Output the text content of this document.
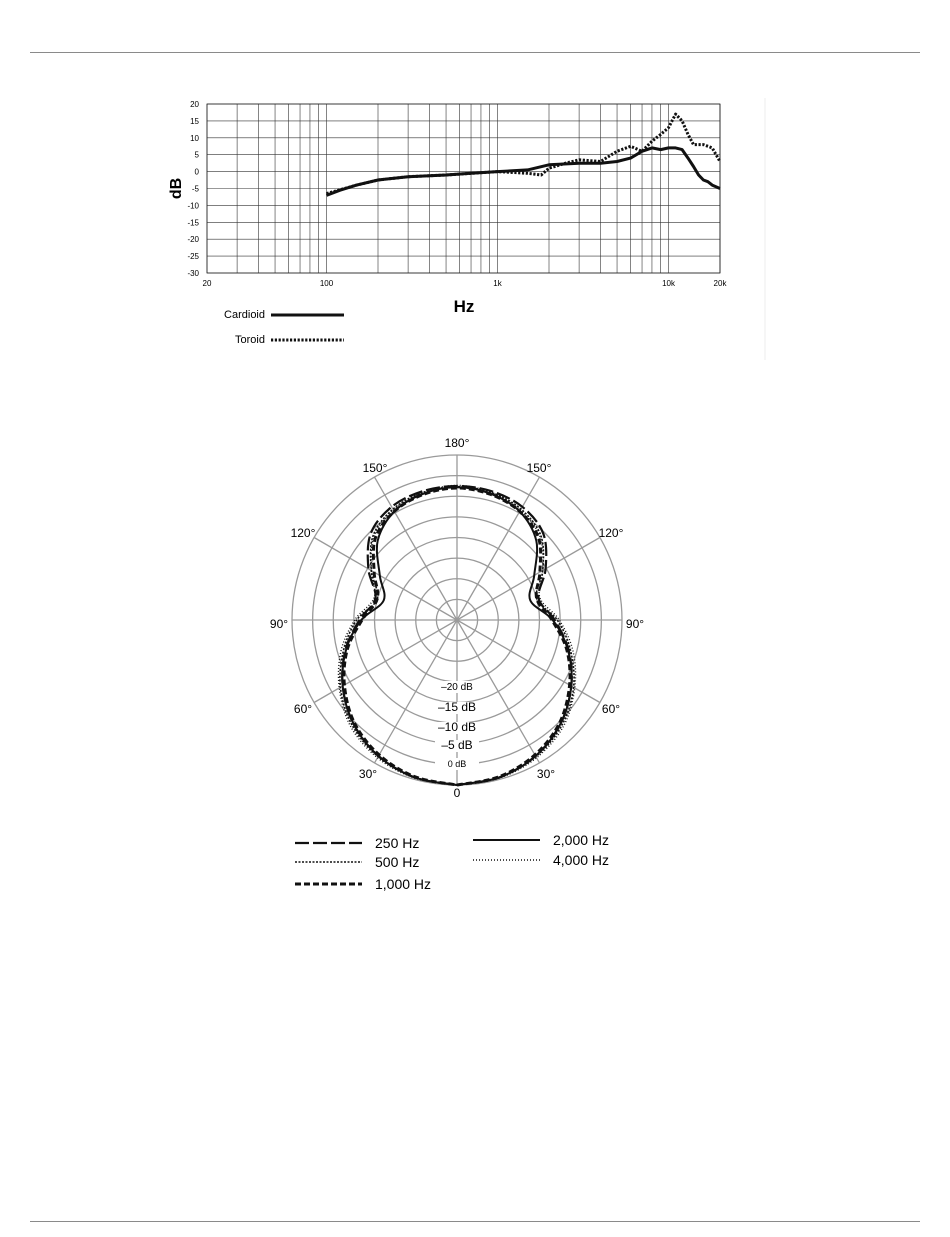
20
15
10
5
0
-5
-10
-15
-20
-25
-30
20	100	1k	10k	20k
dB
Hz
Cardioid
Toroid
180°
150°	150°
120°	120°
90°	90°
60°	60°
30°	30°
0
–20 dB
–15 dB
–10 dB
–5 dB
0 dB
250 Hz
500 Hz
1,000 Hz
2,000 Hz
4,000 Hz
